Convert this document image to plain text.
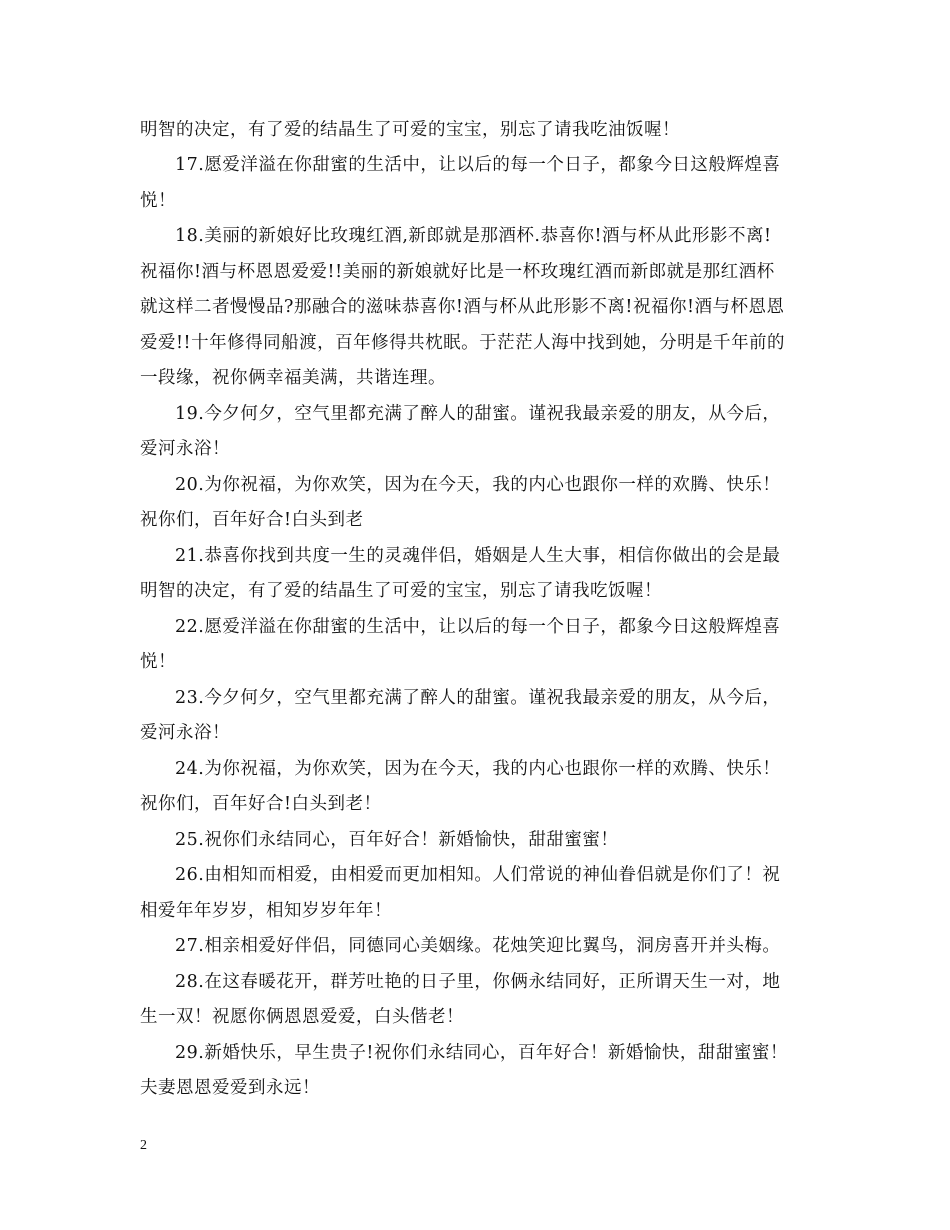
明智的决定，有了爱的结晶生了可爱的宝宝，别忘了请我吃油饭喔！
17.愿爱洋溢在你甜蜜的生活中，让以后的每一个日子，都象今日这般辉煌喜
悦！
18.美丽的新娘好比玫瑰红酒,新郎就是那酒杯.恭喜你!酒与杯从此形影不离!
祝福你!酒与杯恩恩爱爱!!美丽的新娘就好比是一杯玫瑰红酒而新郎就是那红酒杯
就这样二者慢慢品?那融合的滋味恭喜你!酒与杯从此形影不离!祝福你!酒与杯恩恩
爱爱!!十年修得同船渡，百年修得共枕眠。于茫茫人海中找到她，分明是千年前的
一段缘，祝你俩幸福美满，共谐连理。
19.今夕何夕，空气里都充满了醉人的甜蜜。谨祝我最亲爱的朋友，从今后，
爱河永浴！
20.为你祝福，为你欢笑，因为在今天，我的内心也跟你一样的欢腾、快乐！
祝你们，百年好合!白头到老
21.恭喜你找到共度一生的灵魂伴侣，婚姻是人生大事，相信你做出的会是最
明智的决定，有了爱的结晶生了可爱的宝宝，别忘了请我吃饭喔！
22.愿爱洋溢在你甜蜜的生活中，让以后的每一个日子，都象今日这般辉煌喜
悦！
23.今夕何夕，空气里都充满了醉人的甜蜜。谨祝我最亲爱的朋友，从今后，
爱河永浴！
24.为你祝福，为你欢笑，因为在今天，我的内心也跟你一样的欢腾、快乐！
祝你们，百年好合!白头到老！
25.祝你们永结同心，百年好合！新婚愉快，甜甜蜜蜜！
26.由相知而相爱，由相爱而更加相知。人们常说的神仙眷侣就是你们了！祝
相爱年年岁岁，相知岁岁年年！
27.相亲相爱好伴侣，同德同心美姻缘。花烛笑迎比翼鸟，洞房喜开并头梅。
28.在这春暖花开，群芳吐艳的日子里，你俩永结同好，正所谓天生一对，地
生一双！祝愿你俩恩恩爱爱，白头偕老！
29.新婚快乐，早生贵子!祝你们永结同心，百年好合！新婚愉快，甜甜蜜蜜！
夫妻恩恩爱爱到永远！
2
